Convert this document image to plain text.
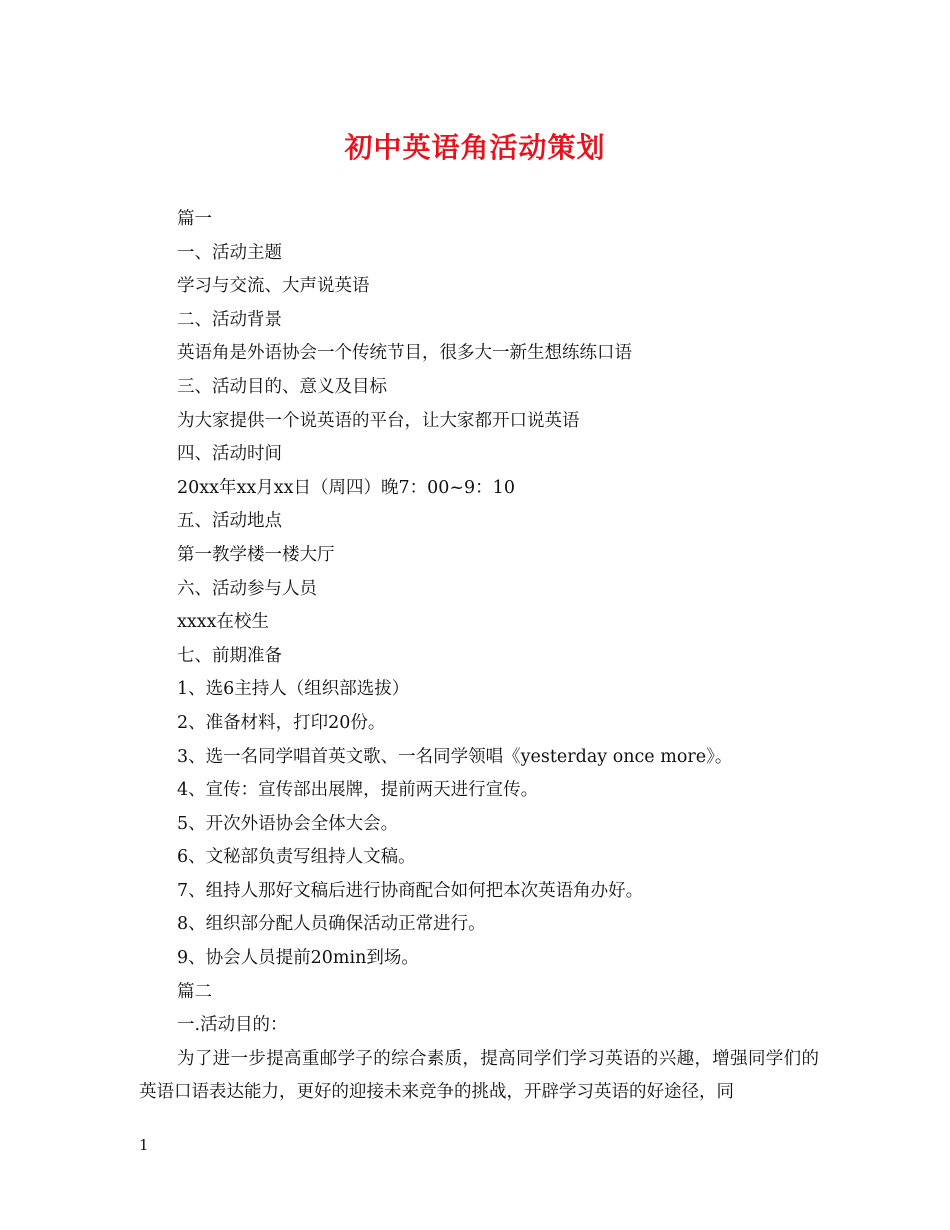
初中英语角活动策划
篇一
一、活动主题
学习与交流、大声说英语
二、活动背景
英语角是外语协会一个传统节目，很多大一新生想练练口语
三、活动目的、意义及目标
为大家提供一个说英语的平台，让大家都开口说英语
四、活动时间
20xx年xx月xx日（周四）晚7：00~9：10
五、活动地点
第一教学楼一楼大厅
六、活动参与人员
xxxx在校生
七、前期准备
1、选6主持人（组织部选拔）
2、准备材料，打印20份。
3、选一名同学唱首英文歌、一名同学领唱《yesterday once more》。
4、宣传：宣传部出展牌，提前两天进行宣传。
5、开次外语协会全体大会。
6、文秘部负责写组持人文稿。
7、组持人那好文稿后进行协商配合如何把本次英语角办好。
8、组织部分配人员确保活动正常进行。
9、协会人员提前20min到场。
篇二
一.活动目的：

为了进一步提高重邮学子的综合素质，提高同学们学习英语的兴趣，增强同学们的英语口语表达能力，更好的迎接未来竞争的挑战，开辟学习英语的好途径，同

1
